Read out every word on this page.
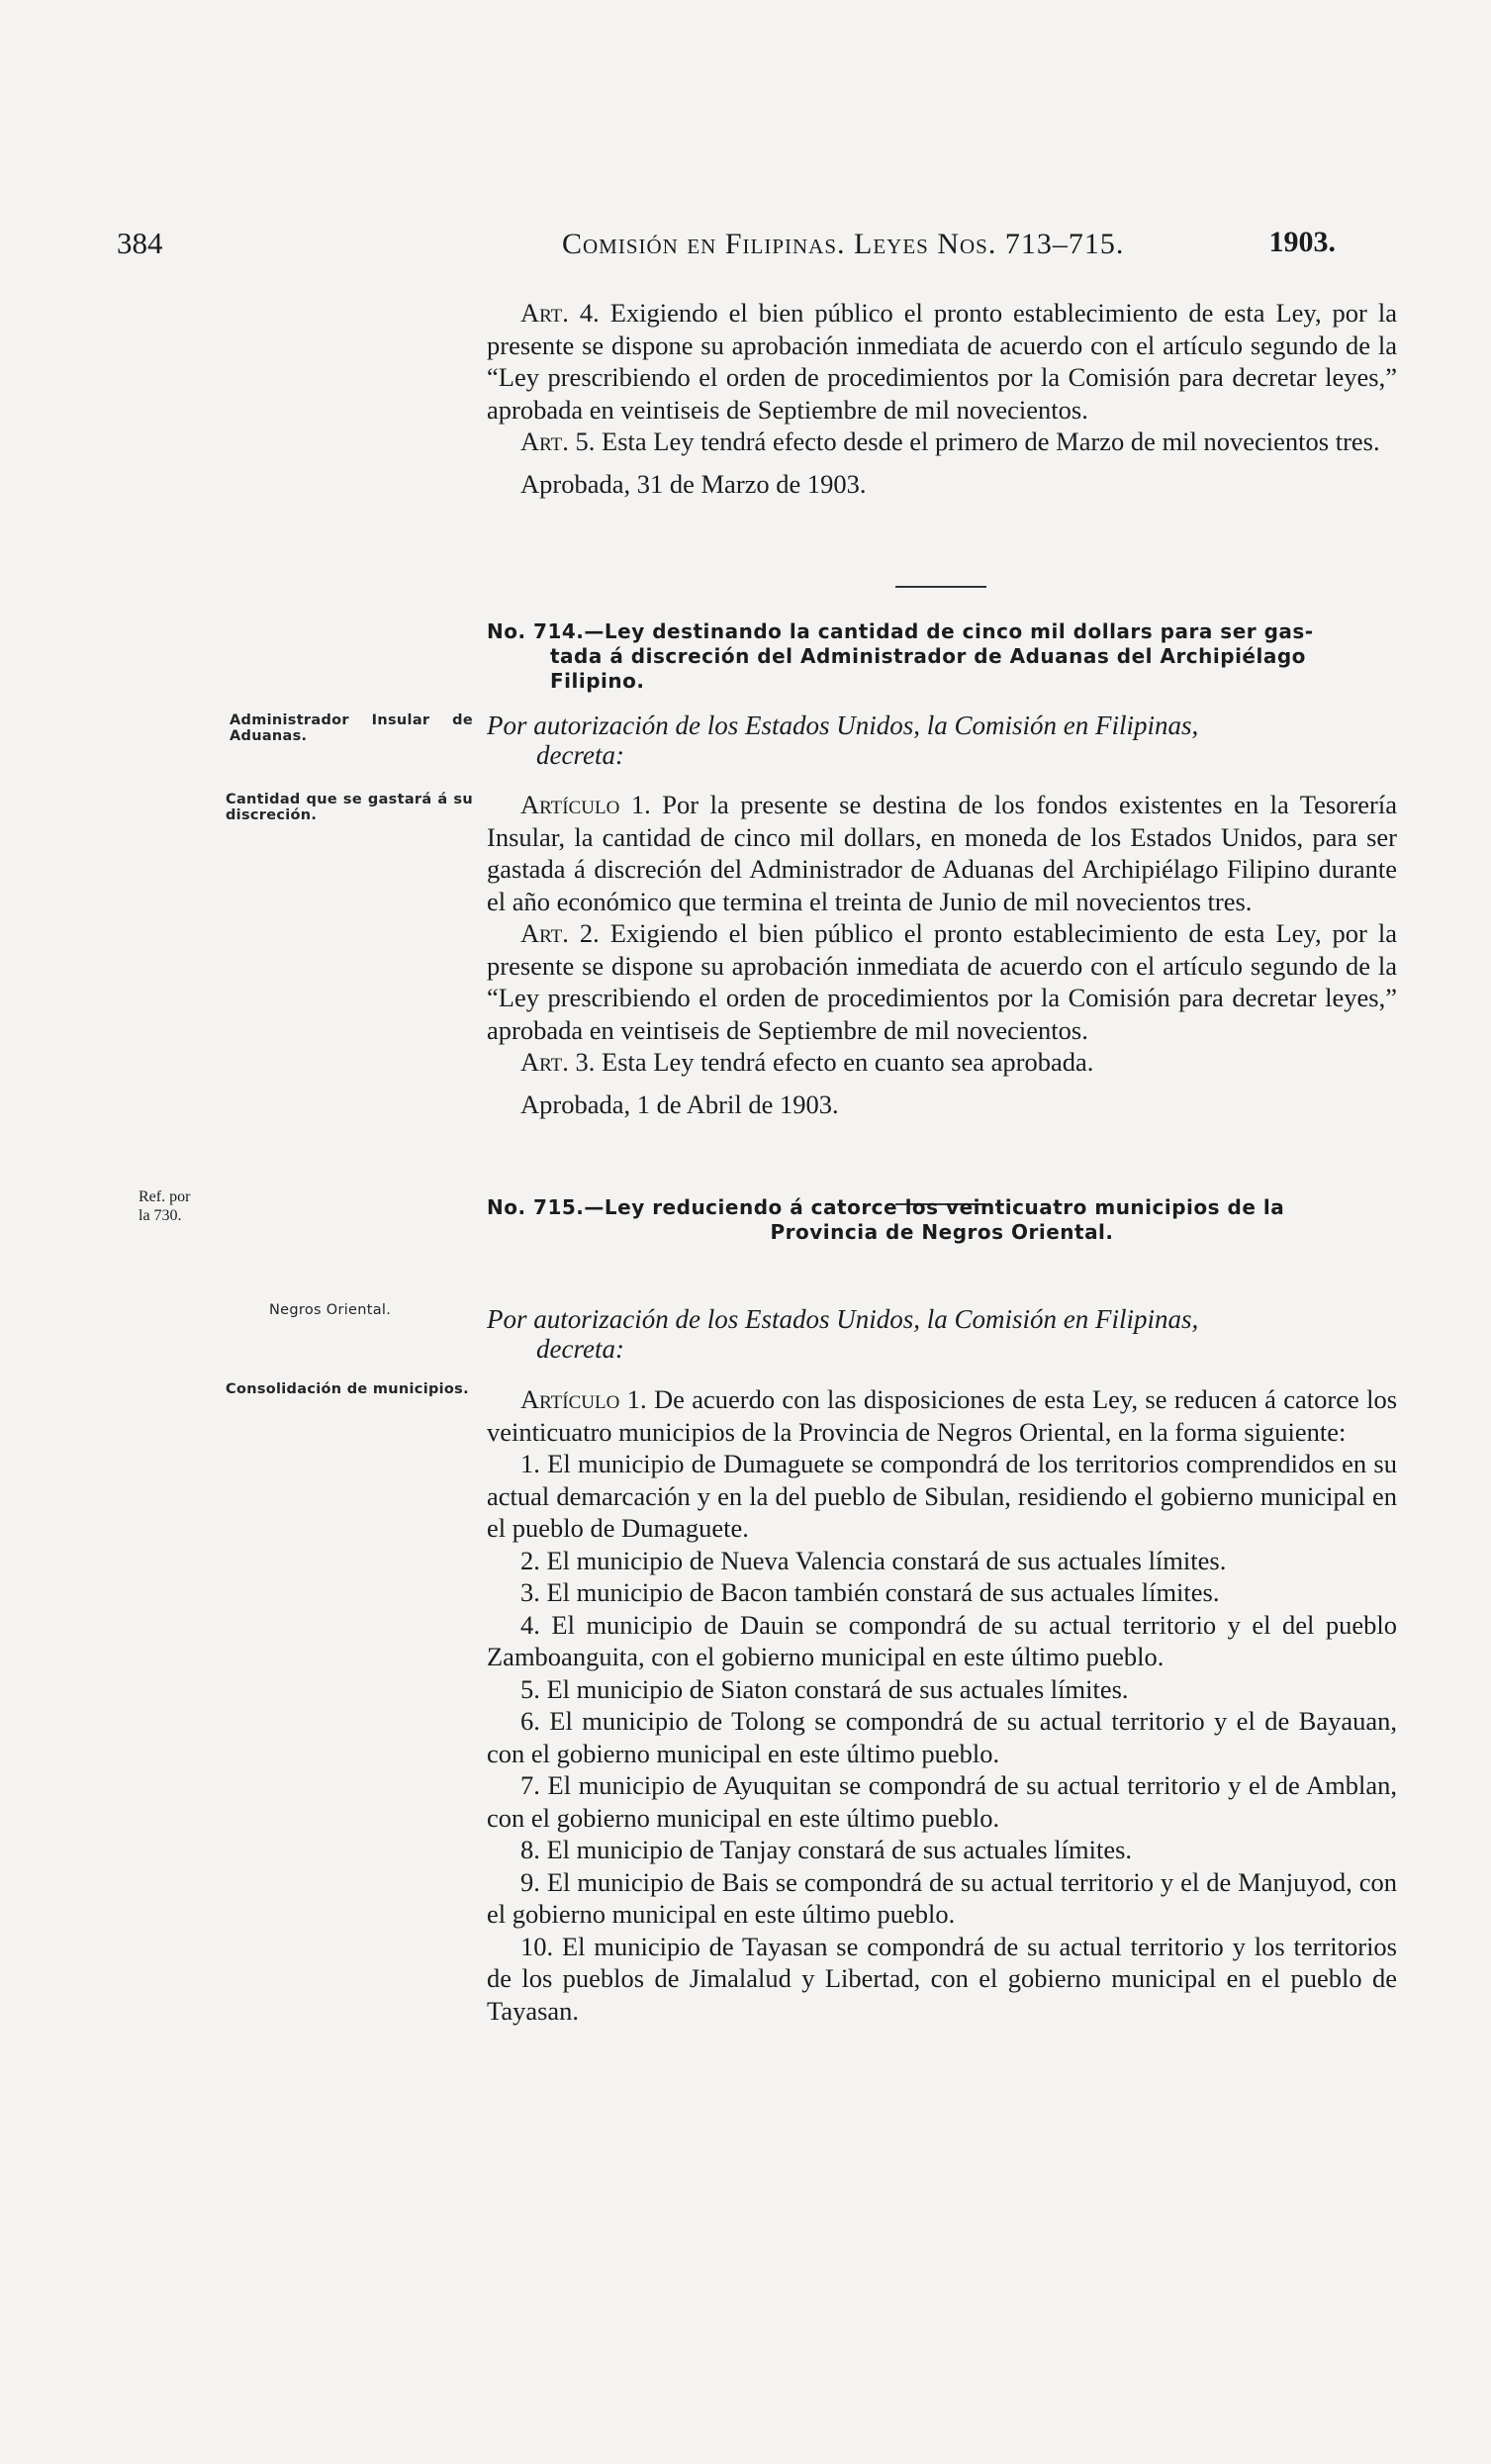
384	Comisión en Filipinas. Leyes Nos. 713–715.	1903.

Art. 4. Exigiendo el bien público el pronto establecimiento de esta Ley, por la presente se dispone su aprobación inmediata de acuerdo con el artículo segundo de la “Ley prescribiendo el orden de procedimientos por la Comisión para decretar leyes,” aprobada en veintiseis de Septiembre de mil novecientos.

Art. 5. Esta Ley tendrá efecto desde el primero de Marzo de mil novecientos tres.

Aprobada, 31 de Marzo de 1903.

No. 714.—Ley destinando la cantidad de cinco mil dollars para ser gas-

tada á discreción del Administrador de Aduanas del Archipiélago
Filipino.
Administrador Insular de Aduanas.	Por autorización de los Estados Unidos, la Comisión en Filipinas,

decreta:
Cantidad que se gastará á su discreción.	Artículo 1. Por la presente se destina de los fondos existentes en la Tesorería Insular, la cantidad de cinco mil dollars, en moneda de los Estados Unidos, para ser gastada á discreción del Administrador de Aduanas del Archipiélago Filipino durante el año económico que termina el treinta de Junio de mil novecientos tres.

Art. 2. Exigiendo el bien público el pronto establecimiento de esta Ley, por la presente se dispone su aprobación inmediata de acuerdo con el artículo segundo de la “Ley prescribiendo el orden de procedimientos por la Comisión para decretar leyes,” aprobada en veintiseis de Septiembre de mil novecientos.

Art. 3. Esta Ley tendrá efecto en cuanto sea aprobada.

Aprobada, 1 de Abril de 1903.

Ref. por
la 730.	No. 715.—Ley reduciendo á catorce los veinticuatro municipios de la

Provincia de Negros Oriental.
Negros Oriental.	Por autorización de los Estados Unidos, la Comisión en Filipinas,

decreta:
Consolidación de municipios.	Artículo 1. De acuerdo con las disposiciones de esta Ley, se reducen á catorce los veinticuatro municipios de la Provincia de Negros Oriental, en la forma siguiente:

1. El municipio de Dumaguete se compondrá de los territorios comprendidos en su actual demarcación y en la del pueblo de Sibulan, residiendo el gobierno municipal en el pueblo de Dumaguete.

2. El municipio de Nueva Valencia constará de sus actuales límites.

3. El municipio de Bacon también constará de sus actuales límites.

4. El municipio de Dauin se compondrá de su actual territorio y el del pueblo Zamboanguita, con el gobierno municipal en este último pueblo.

5. El municipio de Siaton constará de sus actuales límites.

6. El municipio de Tolong se compondrá de su actual territorio y el de Bayauan, con el gobierno municipal en este último pueblo.

7. El municipio de Ayuquitan se compondrá de su actual territorio y el de Amblan, con el gobierno municipal en este último pueblo.

8. El municipio de Tanjay constará de sus actuales límites.

9. El municipio de Bais se compondrá de su actual territorio y el de Manjuyod, con el gobierno municipal en este último pueblo.

10. El municipio de Tayasan se compondrá de su actual territorio y los territorios de los pueblos de Jimalalud y Libertad, con el gobierno municipal en el pueblo de Tayasan.
